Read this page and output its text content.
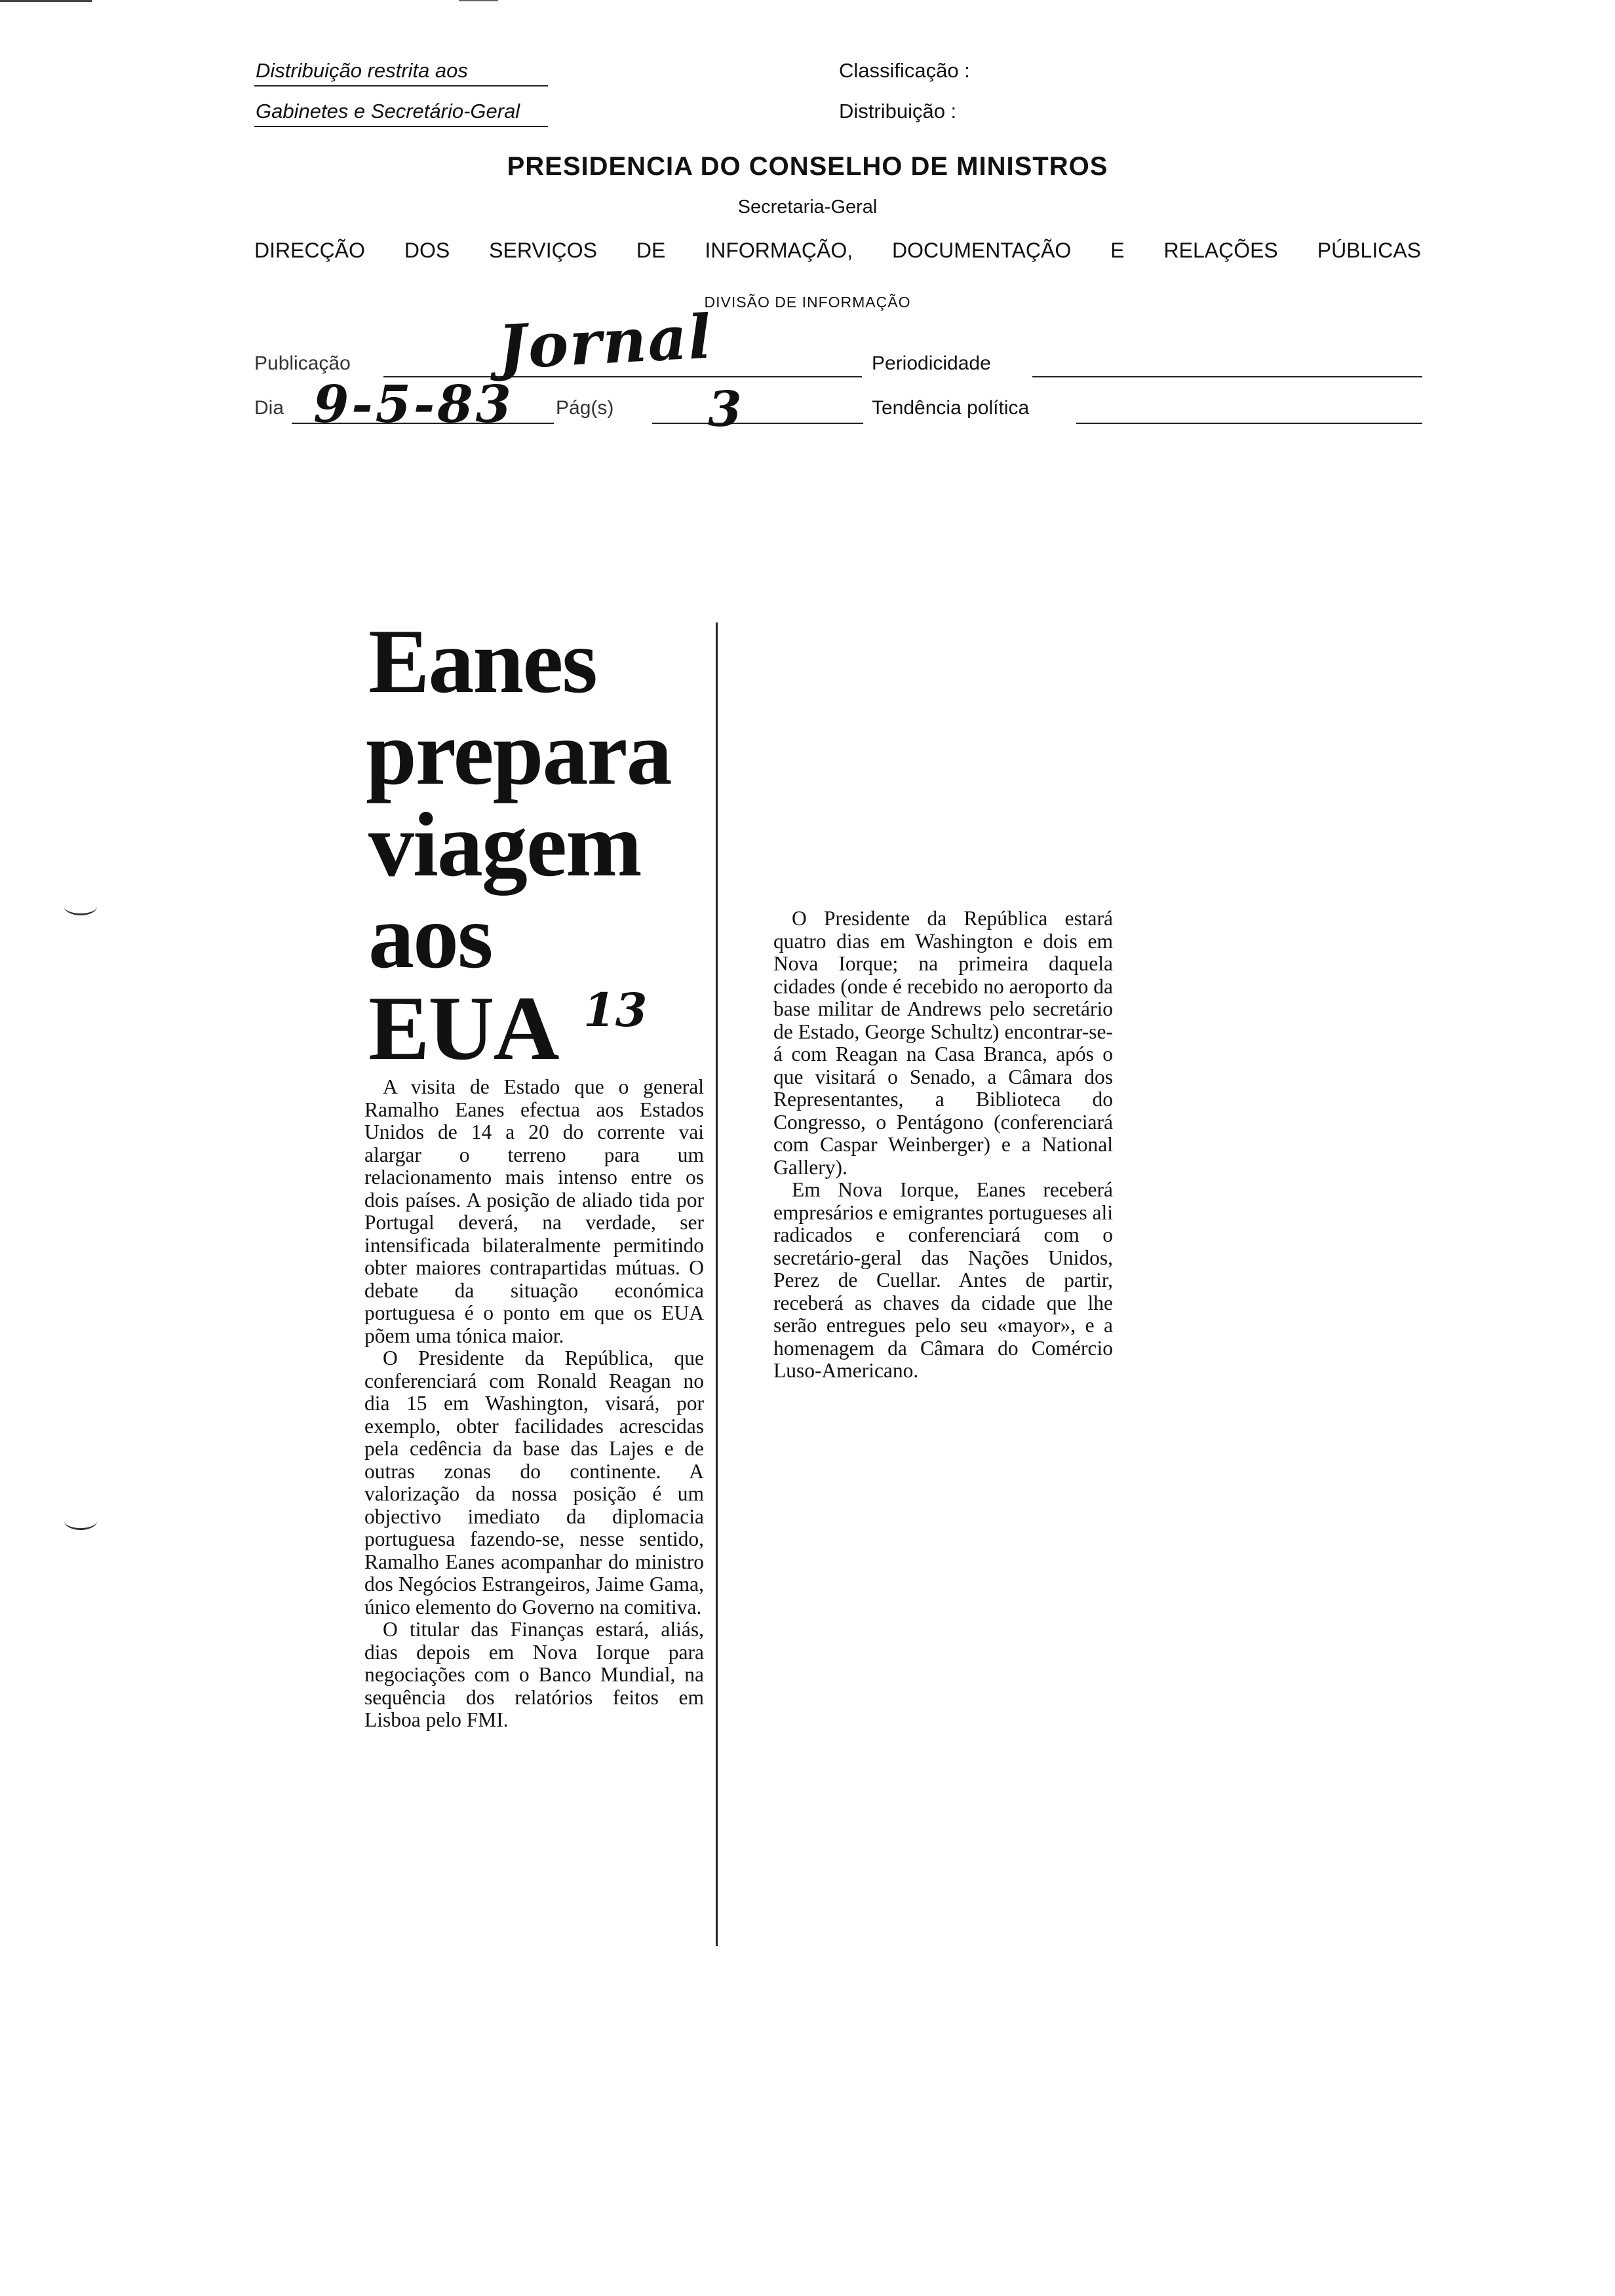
Distribuição restrita aos
Gabinetes e Secretário-Geral
Classificação :
Distribuição :
PRESIDENCIA DO CONSELHO DE MINISTROS
Secretaria-Geral
DIRECÇÃO DOS SERVIÇOS DE INFORMAÇÃO, DOCUMENTAÇÃO E RELAÇÕES PÚBLICAS
DIVISÃO DE INFORMAÇÃO
Publicação Jornal	Periodicidade
Dia 9-5-83 Pág(s) 3	Tendência política
Eanes
prepara
viagem
aos
EUA 13

A visita de Estado que o general Ramalho Eanes efectua aos Estados Unidos de 14 a 20 do corrente vai alargar o terreno para um relacionamento mais intenso entre os dois países. A posição de aliado tida por Portugal deverá, na verdade, ser intensificada bilateralmente permitindo obter maiores contrapartidas mútuas. O debate da situação económica portuguesa é o ponto em que os EUA põem uma tónica maior.

O Presidente da República, que conferenciará com Ronald Reagan no dia 15 em Washington, visará, por exemplo, obter facilidades acrescidas pela cedência da base das Lajes e de outras zonas do continente. A valorização da nossa posição é um objectivo imediato da diplomacia portuguesa fazendo-se, nesse sentido, Ramalho Eanes acompanhar do ministro dos Negócios Estrangeiros, Jaime Gama, único elemento do Governo na comitiva.

O titular das Finanças estará, aliás, dias depois em Nova Iorque para negociações com o Banco Mundial, na sequência dos relatórios feitos em Lisboa pelo FMI.

O Presidente da República estará quatro dias em Washington e dois em Nova Iorque; na primeira daquela cidades (onde é recebido no aeroporto da base militar de Andrews pelo secretário de Estado, George Schultz) encontrar-se-á com Reagan na Casa Branca, após o que visitará o Senado, a Câmara dos Representantes, a Biblioteca do Congresso, o Pentágono (conferenciará com Caspar Weinberger) e a National Gallery).

Em Nova Iorque, Eanes receberá empresários e emigrantes portugueses ali radicados e conferenciará com o secretário-geral das Nações Unidos, Perez de Cuellar. Antes de partir, receberá as chaves da cidade que lhe serão entregues pelo seu «mayor», e a homenagem da Câmara do Comércio Luso-Americano.
